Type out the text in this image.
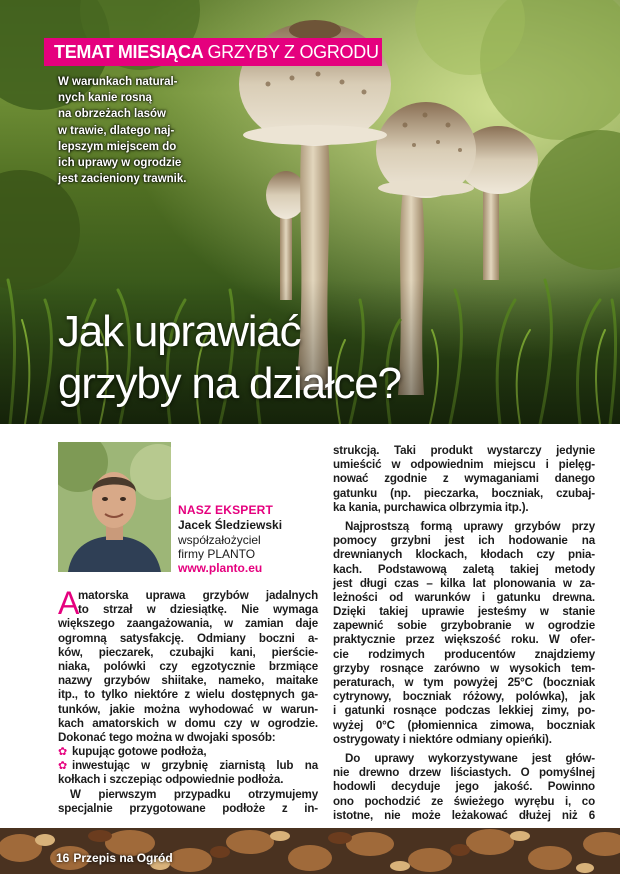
TEMAT MIESIĄCA GRZYBY Z OGRODU
W warunkach natural-
nych kanie rosną
na obrzeżach lasów
w trawie, dlatego naj-
lepszym miejscem do
ich uprawy w ogrodzie
jest zacieniony trawnik.
Jak uprawiać
grzyby na działce?
NASZ EKSPERT
Jacek Śledziewski
współzałożyciel
firmy PLANTO
www.planto.eu
A
matorska uprawa grzybów jadalnych
to strzał w dziesiątkę. Nie wymaga
większego zaangażowania, w zamian daje
ogromną satysfakcję. Odmiany boczni a-
ków, pieczarek, czubajki kani, pierście-
niaka, polówki czy egzotycznie brzmiące
nazwy grzybów shiitake, nameko, maitake
itp., to tylko niektóre z wielu dostępnych ga-
tunków, jakie można wyhodować w warun-
kach amatorskich w domu czy w ogrodzie.
Dokonać tego można w dwojaki sposób:
✿ kupując gotowe podłoża,
✿ inwestując w grzybnię ziarnistą lub na
kołkach i szczepiąc odpowiednie podłoża.
W pierwszym przypadku otrzymujemy
specjalnie przygotowane podłoże z in-
strukcją. Taki produkt wystarczy jedynie
umieścić w odpowiednim miejscu i pielęg-
nować zgodnie z wymaganiami danego
gatunku (np. pieczarka, boczniak, czubaj-
ka kania, purchawica olbrzymia itp.).
Najprostszą formą uprawy grzybów przy
pomocy grzybni jest ich hodowanie na
drewnianych klockach, kłodach czy pnia-
kach. Podstawową zaletą takiej metody
jest długi czas – kilka lat plonowania w za-
leżności od warunków i gatunku drewna.
Dzięki takiej uprawie jesteśmy w stanie
zapewnić sobie grzybobranie w ogrodzie
praktycznie przez większość roku. W ofer-
cie rodzimych producentów znajdziemy
grzyby rosnące zarówno w wysokich tem-
peraturach, w tym powyżej 25°C (boczniak
cytrynowy, boczniak różowy, polówka), jak
i gatunki rosnące podczas lekkiej zimy, po-
wyżej 0°C (płomiennica zimowa, boczniak
ostrygowaty i niektóre odmiany opieńki).
Do uprawy wykorzystywane jest głów-
nie drewno drzew liściastych. O pomyślnej
hodowli decyduje jego jakość. Powinno
ono pochodzić ze świeżego wyrębu i, co
istotne, nie może leżakować dłużej niż 6
16 Przepis na Ogród
